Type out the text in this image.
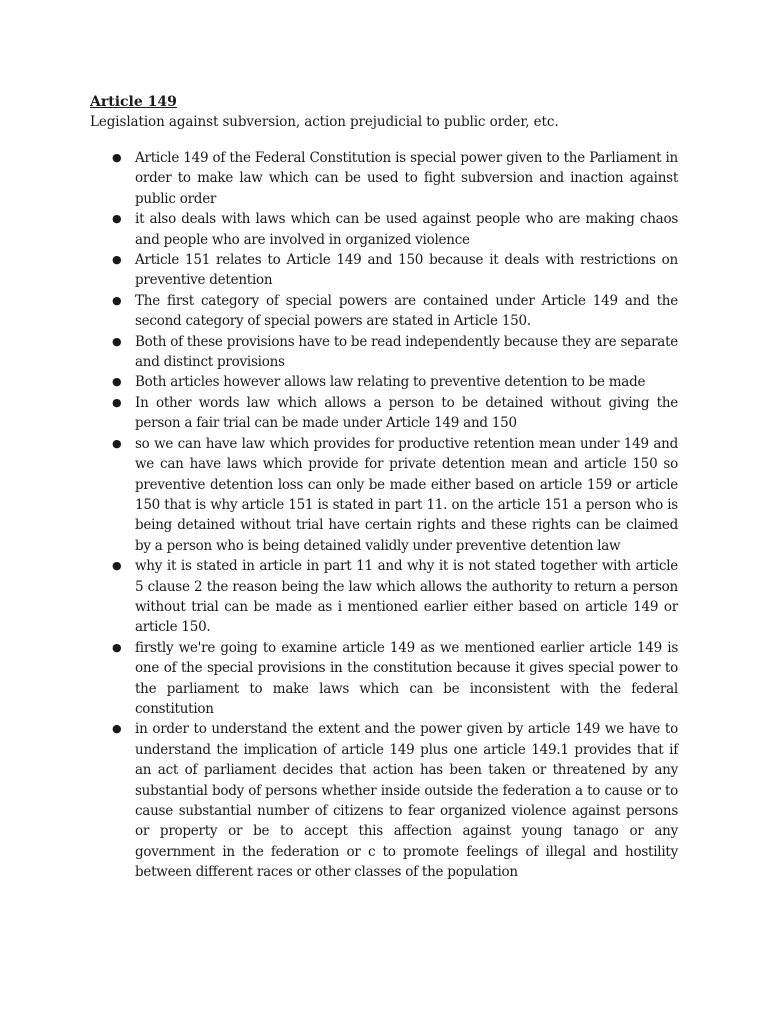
Article 149

Legislation against subversion, action prejudicial to public order, etc.

● Article 149 of the Federal Constitution is special power given to the Parliament in order to make law which can be used to fight subversion and inaction against public order
● it also deals with laws which can be used against people who are making chaos and people who are involved in organized violence
● Article 151 relates to Article 149 and 150 because it deals with restrictions on preventive detention
● The first category of special powers are contained under Article 149 and the second category of special powers are stated in Article 150.
● Both of these provisions have to be read independently because they are separate and distinct provisions
● Both articles however allows law relating to preventive detention to be made
● In other words law which allows a person to be detained without giving the person a fair trial can be made under Article 149 and 150
● so we can have law which provides for productive retention mean under 149 and we can have laws which provide for private detention mean and article 150 so preventive detention loss can only be made either based on article 159 or article 150 that is why article 151 is stated in part 11. on the article 151 a person who is being detained without trial have certain rights and these rights can be claimed by a person who is being detained validly under preventive detention law
● why it is stated in article in part 11 and why it is not stated together with article 5 clause 2 the reason being the law which allows the authority to return a person without trial can be made as i mentioned earlier either based on article 149 or article 150.
● firstly we're going to examine article 149 as we mentioned earlier article 149 is one of the special provisions in the constitution because it gives special power to the parliament to make laws which can be inconsistent with the federal constitution
● in order to understand the extent and the power given by article 149 we have to understand the implication of article 149 plus one article 149.1 provides that if an act of parliament decides that action has been taken or threatened by any substantial body of persons whether inside outside the federation a to cause or to cause substantial number of citizens to fear organized violence against persons or property or be to accept this affection against young tanago or any government in the federation or c to promote feelings of illegal and hostility between different races or other classes of the population
